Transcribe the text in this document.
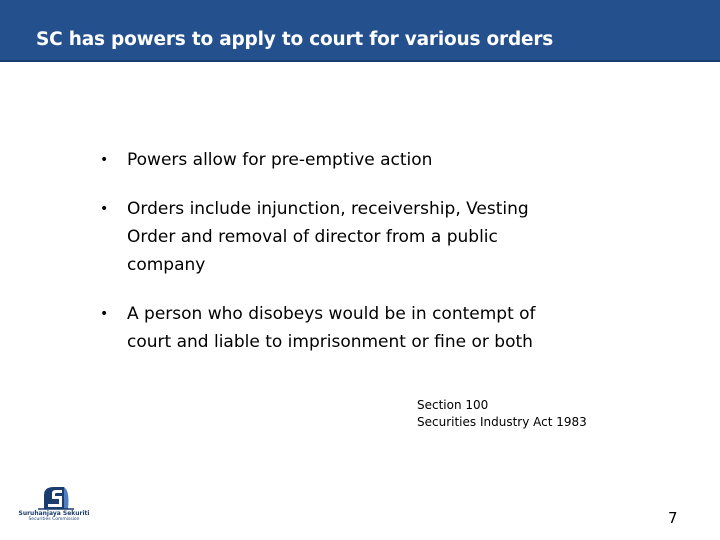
SC has powers to apply to court for various orders
• Powers allow for pre-emptive action
• Orders include injunction, receivership, Vesting Order and removal of director from a public company
• A person who disobeys would be in contempt of court and liable to imprisonment or fine or both
Section 100
Securities Industry Act 1983
Suruhanjaya Sekuriti
Securities Commission	7
